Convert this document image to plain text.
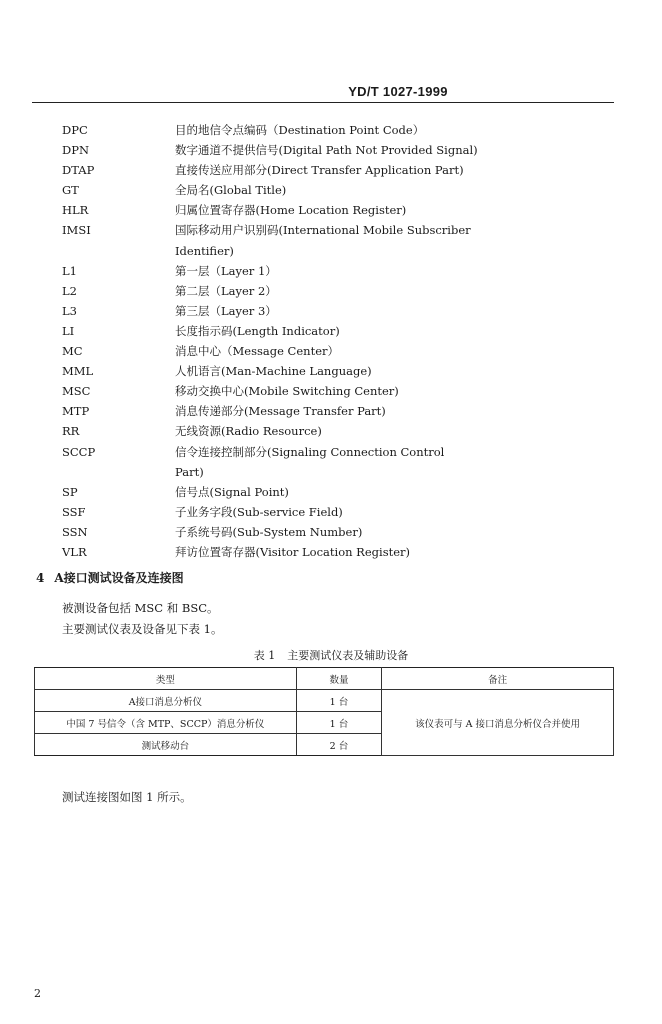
YD/T 1027-1999
DPC	目的地信令点编码（Destination Point Code）
DPN	数字通道不提供信号(Digital Path Not Provided Signal)
DTAP	直接传送应用部分(Direct Transfer Application Part)
GT	全局名(Global Title)
HLR	归属位置寄存器(Home Location Register)
IMSI	国际移动用户识别码(International Mobile Subscriber
Identifier)
L1	第一层（Layer 1）
L2	第二层（Layer 2）
L3	第三层（Layer 3）
LI	长度指示码(Length Indicator)
MC	消息中心（Message Center）
MML	人机语言(Man-Machine Language)
MSC	移动交换中心(Mobile Switching Center)
MTP	消息传递部分(Message Transfer Part)
RR	无线资源(Radio Resource)
SCCP	信令连接控制部分(Signaling Connection Control
Part)
SP	信号点(Signal Point)
SSF	子业务字段(Sub-service Field)
SSN	子系统号码(Sub-System Number)
VLR	拜访位置寄存器(Visitor Location Register)
4 A接口测试设备及连接图
被测设备包括 MSC 和 BSC。
主要测试仪表及设备见下表 1。
表 1 主要测试仪表及辅助设备
类型	数量	备注
A接口消息分析仪	1 台	该仪表可与 A 接口消息分析仪合并使用
中国 7 号信令（含 MTP、SCCP）消息分析仪	1 台	
测试移动台	2 台	
测试连接图如图 1 所示。
2
